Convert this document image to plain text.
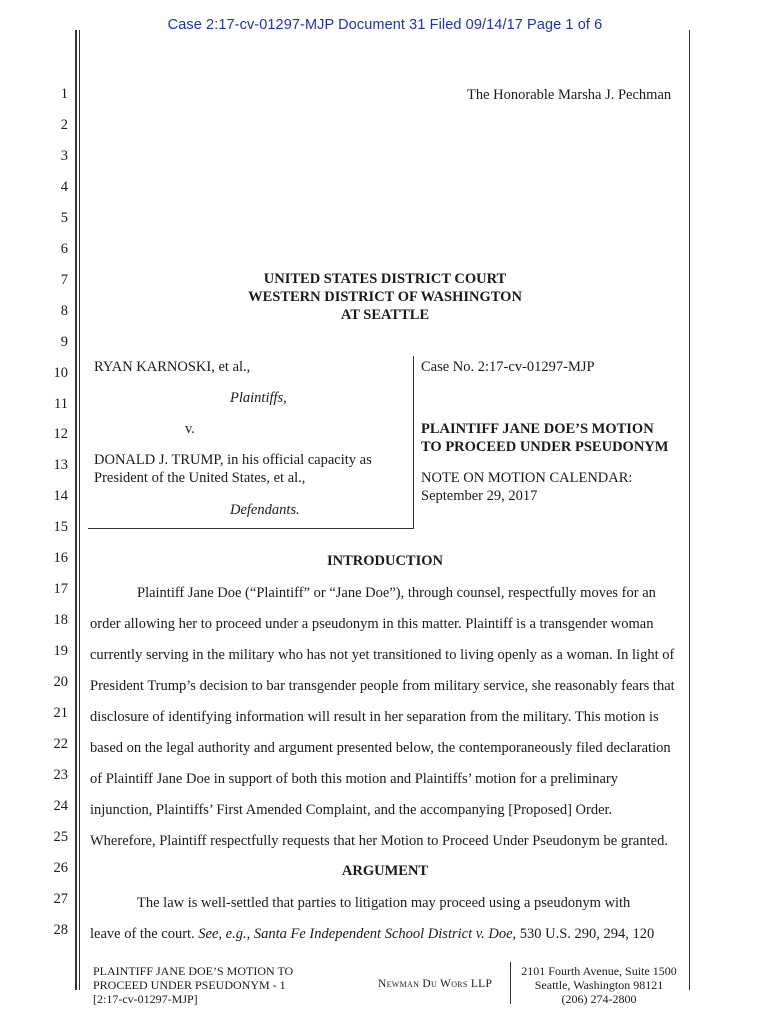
Case 2:17-cv-01297-MJP Document 31 Filed 09/14/17 Page 1 of 6
1
2
3
4
5
6
7
8
9
10
11
12
13
14
15
16
17
18
19
20
21
22
23
24
25
26
27
28
The Honorable Marsha J. Pechman
UNITED STATES DISTRICT COURT
WESTERN DISTRICT OF WASHINGTON
AT SEATTLE
RYAN KARNOSKI, et al.,
Plaintiffs,
v.
DONALD J. TRUMP, in his official capacity as
President of the United States, et al.,
Defendants.
Case No. 2:17-cv-01297-MJP
PLAINTIFF JANE DOE’S MOTION
TO PROCEED UNDER PSEUDONYM
NOTE ON MOTION CALENDAR:
September 29, 2017
INTRODUCTION
Plaintiff Jane Doe (“Plaintiff” or “Jane Doe”), through counsel, respectfully moves for an
order allowing her to proceed under a pseudonym in this matter. Plaintiff is a transgender woman
currently serving in the military who has not yet transitioned to living openly as a woman. In light of
President Trump’s decision to bar transgender people from military service, she reasonably fears that
disclosure of identifying information will result in her separation from the military. This motion is
based on the legal authority and argument presented below, the contemporaneously filed declaration
of Plaintiff Jane Doe in support of both this motion and Plaintiffs’ motion for a preliminary
injunction, Plaintiffs’ First Amended Complaint, and the accompanying [Proposed] Order.
Wherefore, Plaintiff respectfully requests that her Motion to Proceed Under Pseudonym be granted.
ARGUMENT
The law is well-settled that parties to litigation may proceed using a pseudonym with
leave of the court. See, e.g., Santa Fe Independent School District v. Doe, 530 U.S. 290, 294, 120
PLAINTIFF JANE DOE’S MOTION TO
PROCEED UNDER PSEUDONYM - 1
[2:17-cv-01297-MJP]
Newman Du Wors LLP
2101 Fourth Avenue, Suite 1500
Seattle, Washington 98121
(206) 274-2800
